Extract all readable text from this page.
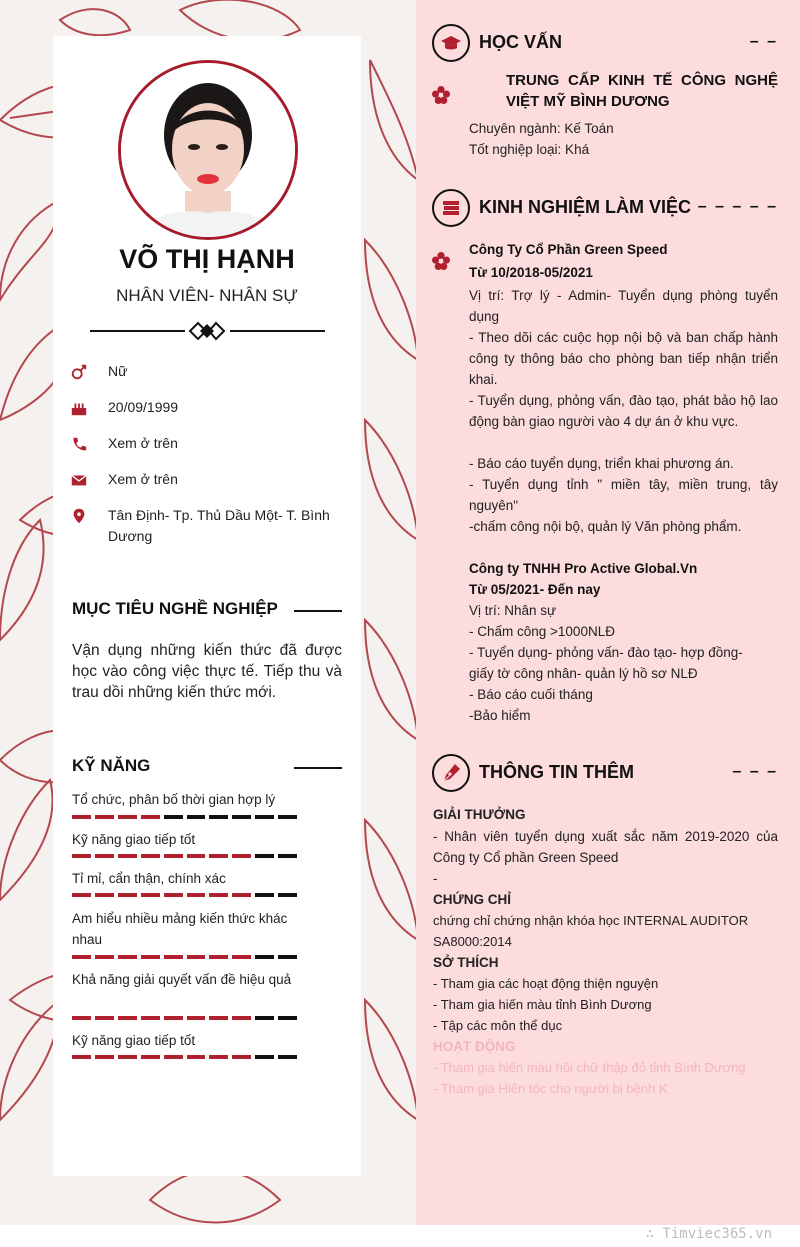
VÕ THỊ HẠNH
NHÂN VIÊN- NHÂN SỰ
Nữ
20/09/1999
Xem ở trên
Xem ở trên
Tân Định- Tp. Thủ Dầu Một- T. Bình Dương
MỤC TIÊU NGHỀ NGHIỆP
Vận dụng những kiến thức đã được học vào công việc thực tế. Tiếp thu và trau dồi những kiến thức mới.
KỸ NĂNG
Tổ chức, phân bố thời gian hợp lý
Kỹ năng giao tiếp tốt
Tỉ mỉ, cẩn thận, chính xác
Am hiểu nhiều mảng kiến thức khác nhau
Khả năng giải quyết vấn đề hiệu quả
Kỹ năng giao tiếp tốt
HỌC VẤN	– –
TRUNG CẤP KINH TẾ CÔNG NGHỆ VIỆT MỸ BÌNH DƯƠNG
Chuyên ngành: Kế Toán
Tốt nghiệp loại: Khá
KINH NGHIỆM LÀM VIỆC – – – – –
Công Ty Cổ Phần Green Speed
Từ 10/2018-05/2021
Vị trí: Trợ lý - Admin- Tuyển dụng phòng tuyển dụng
- Theo dõi các cuộc họp nội bộ và ban chấp hành công ty thông báo cho phòng ban tiếp nhận triển khai.
- Tuyển dụng, phỏng vấn, đào tạo, phát bảo hộ lao động bàn giao người vào 4 dự án ở khu vực.
- Báo cáo tuyển dụng, triển khai phương án.
- Tuyển dụng tỉnh " miền tây, miền trung, tây nguyên"
-chấm công nội bộ, quản lý Văn phòng phẩm.
Công ty TNHH Pro Active Global.Vn
Từ 05/2021- Đến nay
Vị trí: Nhân sự
- Chấm công >1000NLĐ
- Tuyển dụng- phỏng vấn- đào tạo- hợp đồng- giấy tờ công nhân- quản lý hồ sơ NLĐ
- Báo cáo cuối tháng
-Bảo hiểm
THÔNG TIN THÊM	– – –
GIẢI THƯỞNG
- Nhân viên tuyển dụng xuất sắc năm 2019-2020 của Công ty Cổ phần Green Speed
-
CHỨNG CHỈ
chứng chỉ chứng nhận khóa học INTERNAL AUDITOR SA8000:2014
SỞ THÍCH
- Tham gia các hoạt động thiện nguyện
- Tham gia hiến màu tỉnh Bình Dương
- Tập các môn thể dục
HOẠT ĐỘNG
- Tham gia hiến máu hội chữ thập đỏ tỉnh Bình Dương
- Tham gia Hiến tóc cho người bị bệnh K
∴ Timviec365.vn
